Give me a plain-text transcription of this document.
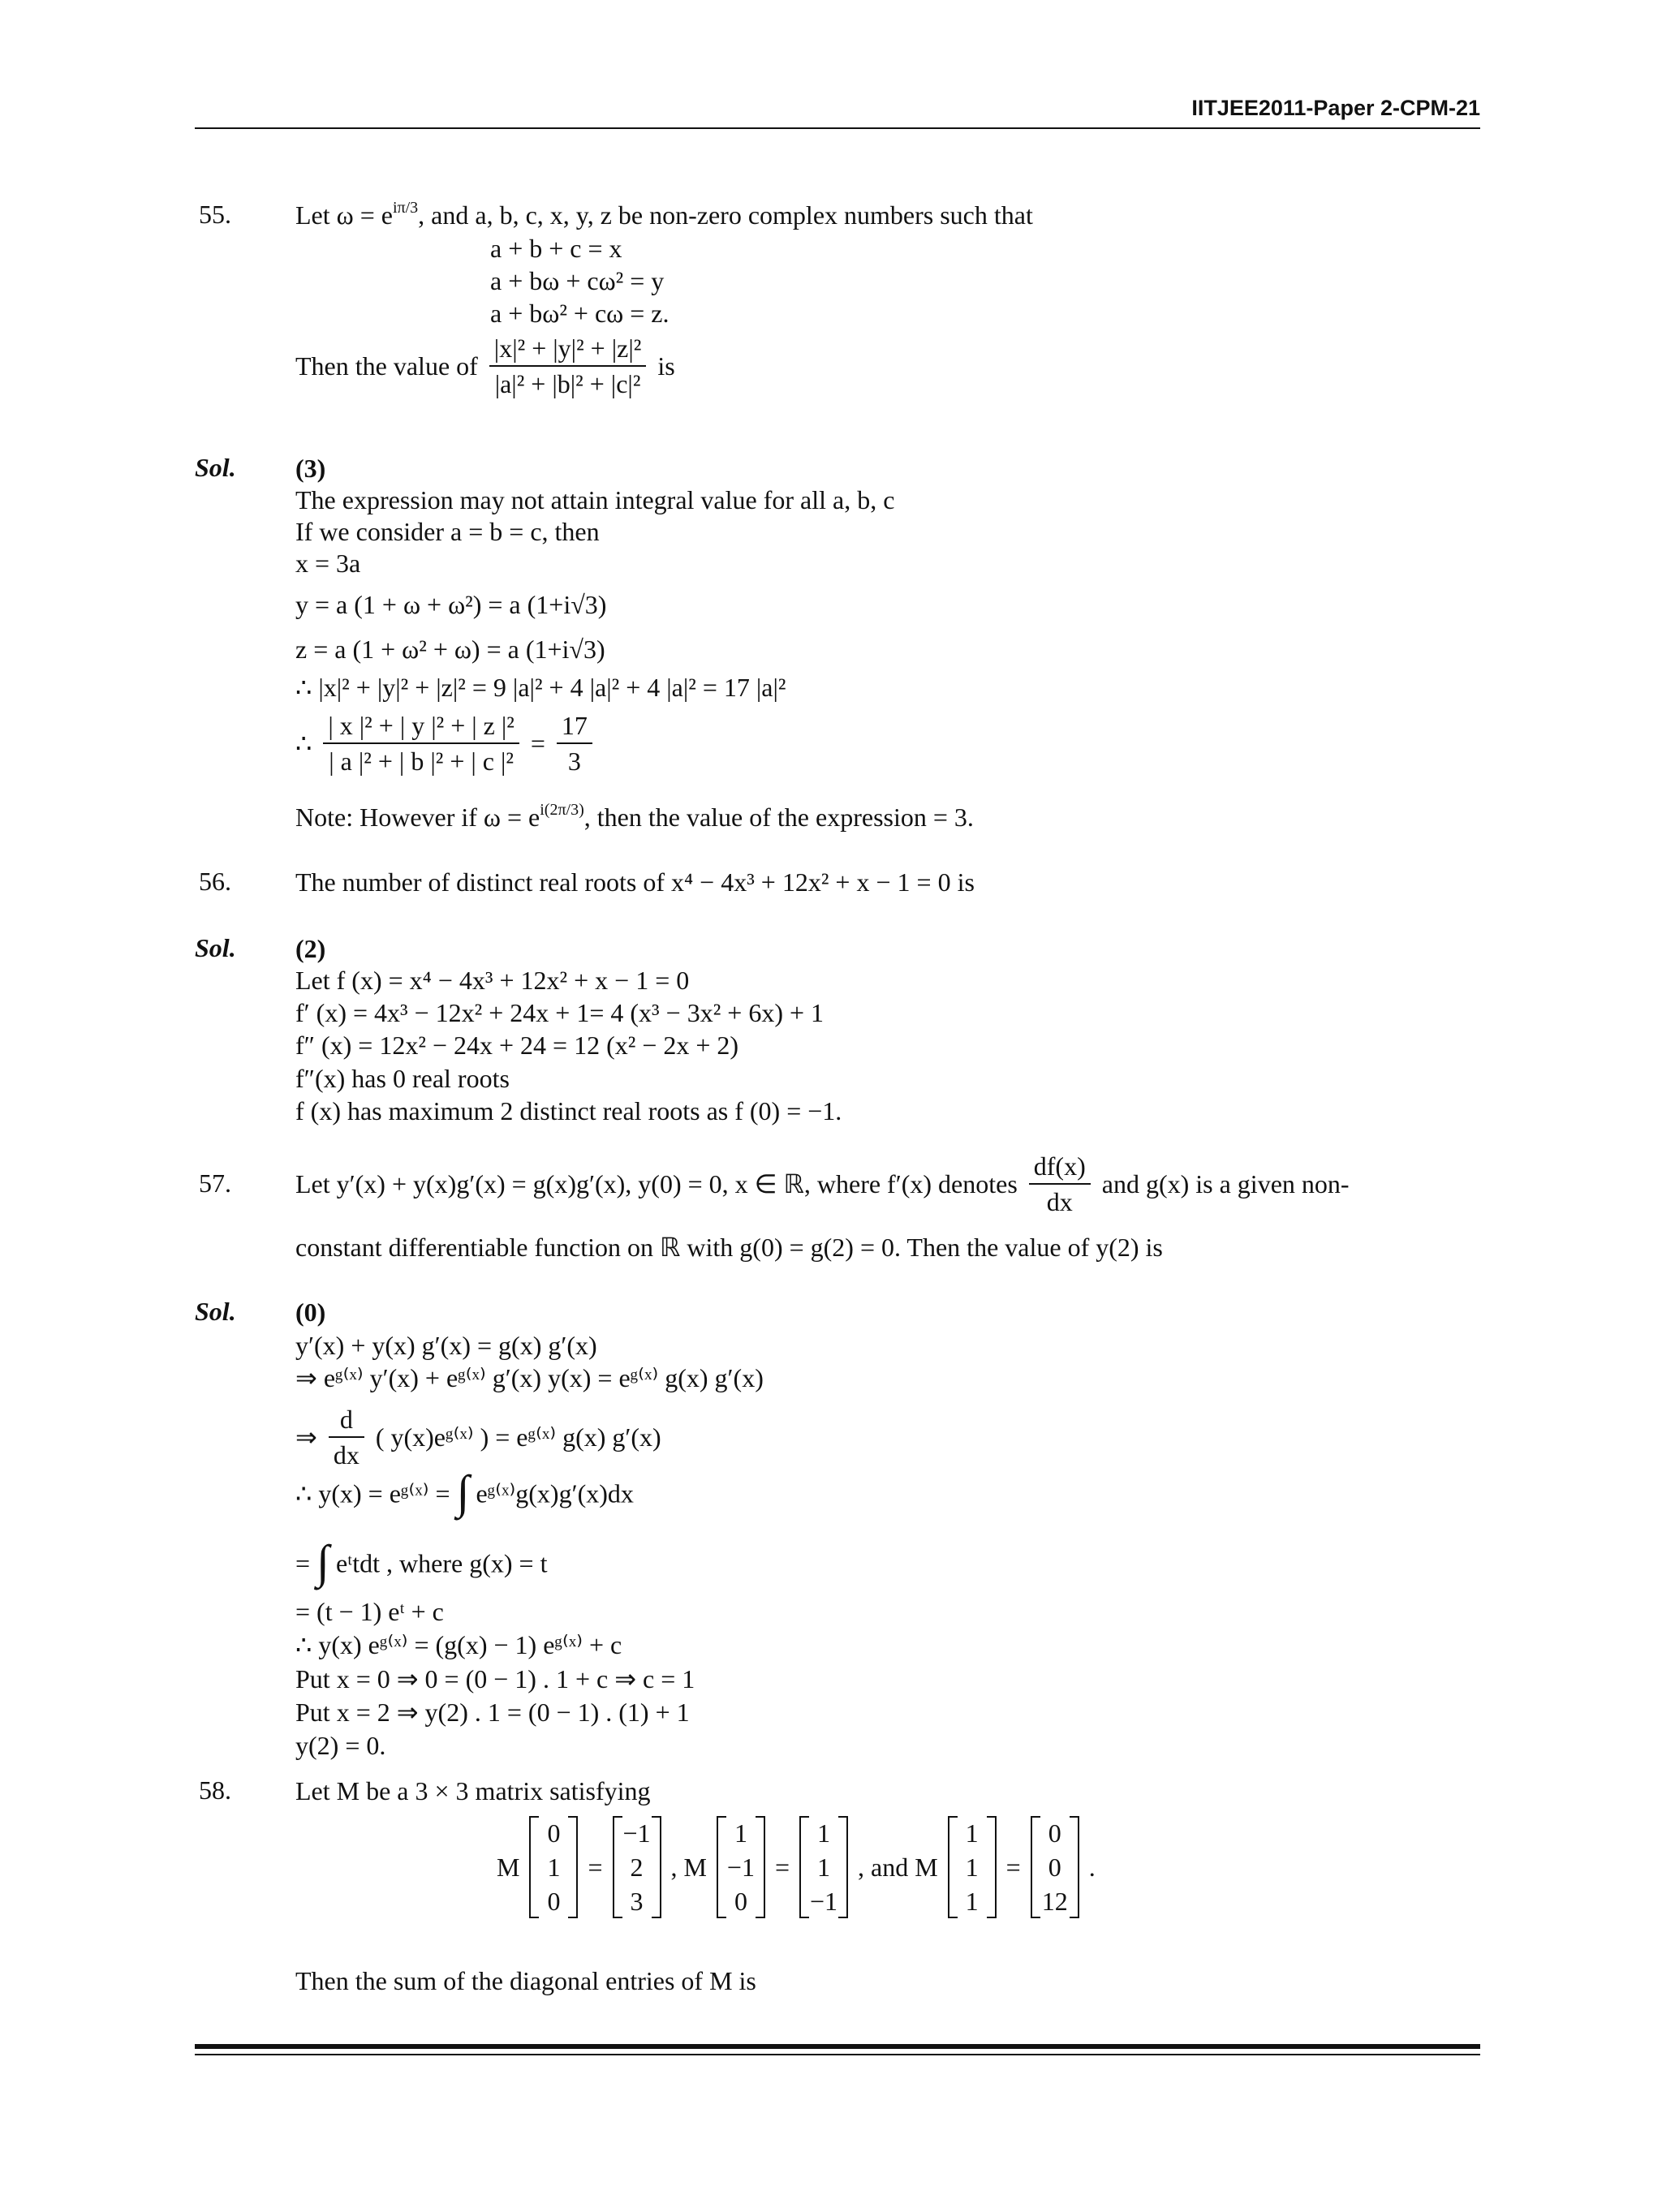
IITJEE2011-Paper 2-CPM-21
55. Let $\omega = e^{i\pi/3}$, and a, b, c, x, y, z be non-zero complex numbers such that
a + b + c = x
a + bω + cω² = y
a + bω² + cω = z.
Then the value of $\frac{\text{|x|² + |y|² + |z|²}}{\text{|a|² + |b|² + |c|²}}$ is
Sol. (3)
The expression may not attain integral value for all a, b, c
If we consider a = b = c, then
x = 3a
y = a (1 + ω + ω²) = a (1+i√3)
z = a (1 + ω² + ω) = a (1+i√3)
∴ |x|² + |y|² + |z|² = 9 |a|² + 4 |a|² + 4 |a|² = 17 |a|²
∴ $\frac{\text{| x |² + | y |² + | z |²}}{\text{| a |² + | b |² + | c |²}} = \frac{17}{3}$
Note: However if $\omega = e^{i(2\pi/3)}$, then the value of the expression = 3.
56. The number of distinct real roots of x⁴ − 4x³ + 12x² + x − 1 = 0 is
Sol. (2)
Let f (x) = x⁴ − 4x³ + 12x² + x − 1 = 0
f′ (x) = 4x³ − 12x² + 24x + 1= 4 (x³ − 3x² + 6x) + 1
f″ (x) = 12x² − 24x + 24 = 12 (x² − 2x + 2)
f″(x) has 0 real roots
f (x) has maximum 2 distinct real roots as f (0) = −1.
57. Let y′(x) + y(x)g′(x) = g(x)g′(x), y(0) = 0, x ∈ ℝ, where f′(x) denotes $\frac{df(x)}{dx}$ and g(x) is a given non-
constant differentiable function on ℝ with g(0) = g(2) = 0. Then the value of y(2) is
Sol. (0)
y′(x) + y(x) g′(x) = g(x) g′(x)
⇒ eᵍ⁽ˣ⁾ y′(x) + eᵍ⁽ˣ⁾ g′(x) y(x) = eᵍ⁽ˣ⁾ g(x) g′(x)
⇒ $\frac{d}{dx}$ ( y(x)eᵍ⁽ˣ⁾ ) = eᵍ⁽ˣ⁾ g(x) g′(x)
∴ y(x) = eᵍ⁽ˣ⁾ = ∫ eᵍ⁽ˣ⁾g(x)g′(x)dx
= ∫ eᵗtdt , where g(x) = t
= (t − 1) eᵗ + c
∴ y(x) eᵍ⁽ˣ⁾ = (g(x) − 1) eᵍ⁽ˣ⁾ + c
Put x = 0 ⇒ 0 = (0 − 1) . 1 + c ⇒ c = 1
Put x = 2 ⇒ y(2) . 1 = (0 − 1) . (1) + 1
y(2) = 0.
58. Let M be a 3 × 3 matrix satisfying
M
0
1
0
=
−1
2
3
, M
1
−1
0
=
1
1
−1
, and M
1
1
1
=
0
0
12
.
Then the sum of the diagonal entries of M is
